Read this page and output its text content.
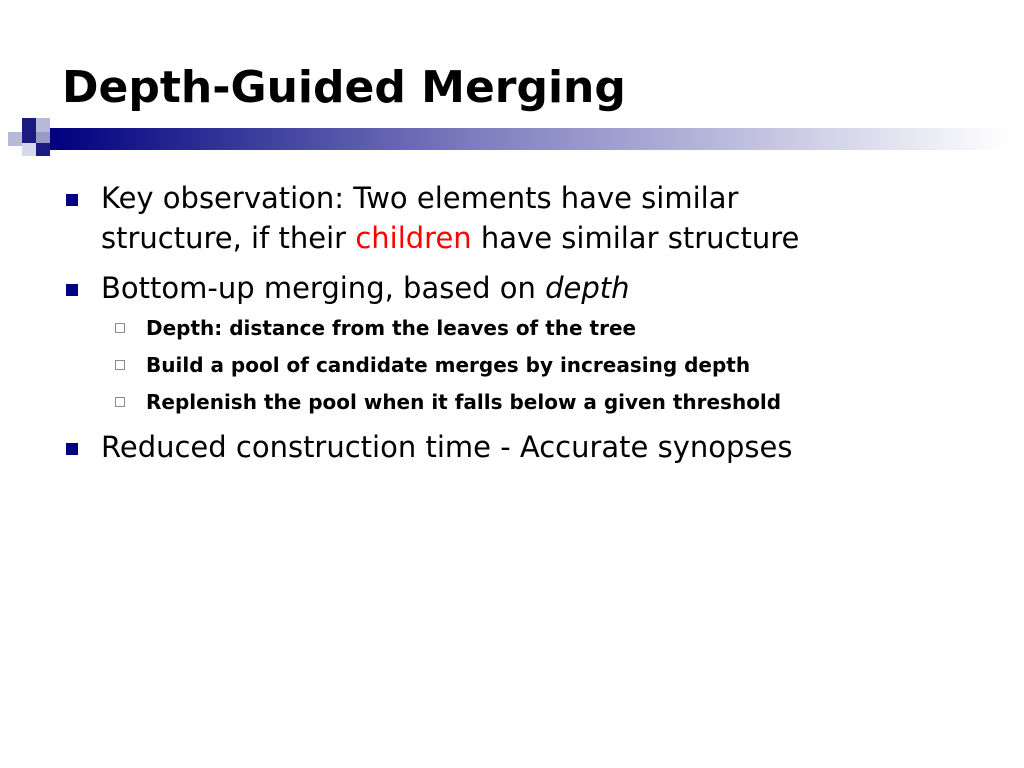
Depth-Guided Merging
Key observation: Two elements have similar
structure, if their children have similar structure
Bottom-up merging, based on depth
Depth: distance from the leaves of the tree
Build a pool of candidate merges by increasing depth
Replenish the pool when it falls below a given threshold
Reduced construction time - Accurate synopses
